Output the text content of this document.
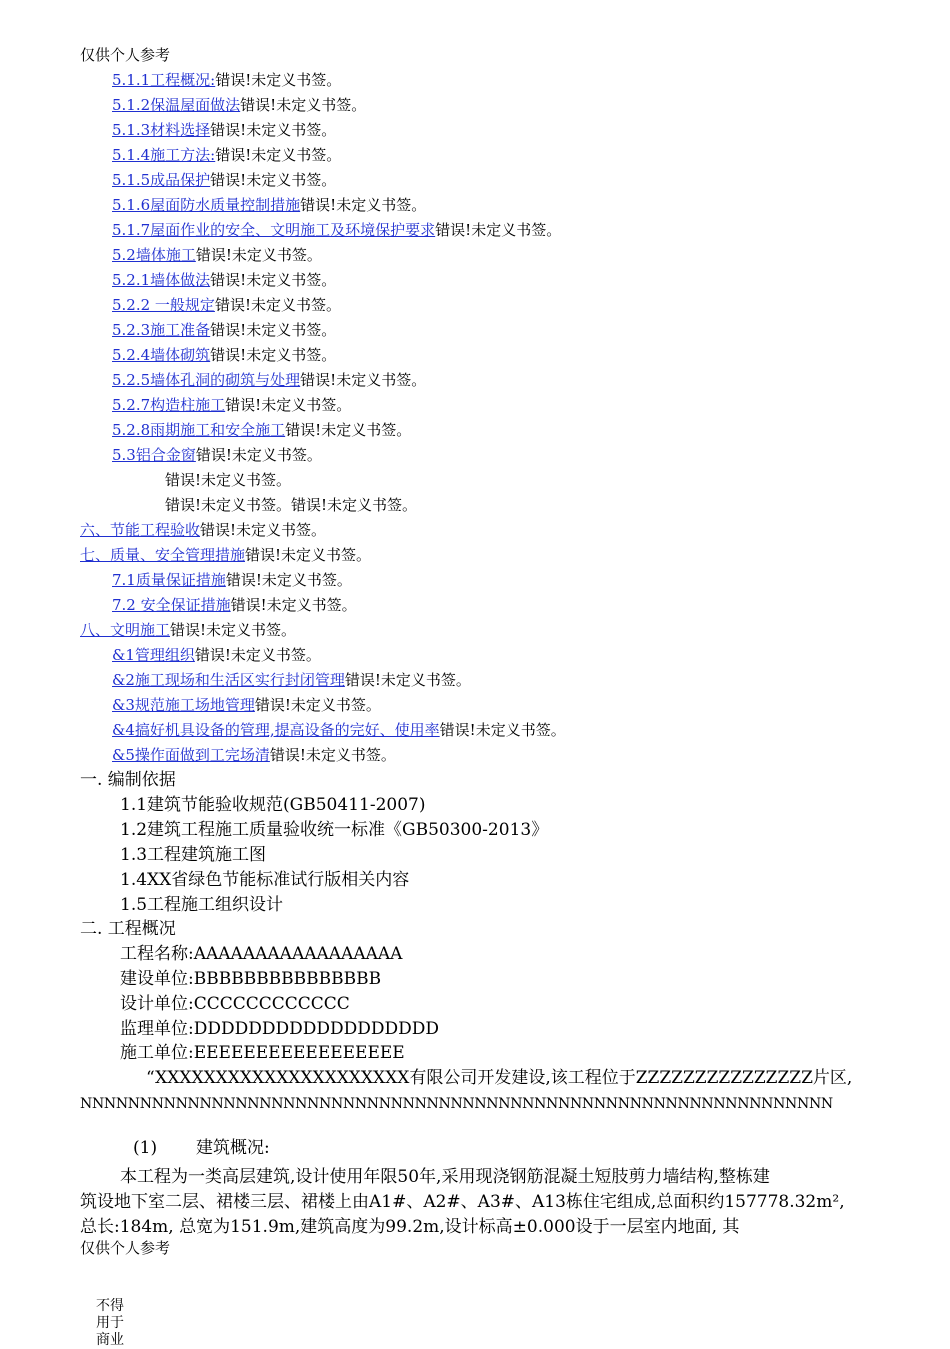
仅供个人参考
5.1.1工程概况:错误!未定义书签。
5.1.2保温屋面做法错误!未定义书签。
5.1.3材料选择错误!未定义书签。
5.1.4施工方法:错误!未定义书签。
5.1.5成品保护错误!未定义书签。
5.1.6屋面防水质量控制措施错误!未定义书签。
5.1.7屋面作业的安全、文明施工及环境保护要求错误!未定义书签。
5.2墙体施工错误!未定义书签。
5.2.1墙体做法错误!未定义书签。
5.2.2 一般规定错误!未定义书签。
5.2.3施工准备错误!未定义书签。
5.2.4墙体砌筑错误!未定义书签。
5.2.5墙体孔洞的砌筑与处理错误!未定义书签。
5.2.7构造柱施工错误!未定义书签。
5.2.8雨期施工和安全施工错误!未定义书签。
5.3铝合金窗错误!未定义书签。
错误!未定义书签。
错误!未定义书签。错误!未定义书签。
六、节能工程验收错误!未定义书签。
七、质量、安全管理措施错误!未定义书签。
7.1质量保证措施错误!未定义书签。
7.2 安全保证措施错误!未定义书签。
八、文明施工错误!未定义书签。
&1管理组织错误!未定义书签。
&2施工现场和生活区实行封闭管理错误!未定义书签。
&3规范施工场地管理错误!未定义书签。
&4搞好机具设备的管理,提高设备的完好、使用率错误!未定义书签。
&5操作面做到工完场清错误!未定义书签。
一. 编制依据
1.1建筑节能验收规范(GB50411-2007)
1.2建筑工程施工质量验收统一标准《GB50300-2013》
1.3工程建筑施工图
1.4XX省绿色节能标准试行版相关内容
1.5工程施工组织设计
二. 工程概况
工程名称:AAAAAAAAAAAAAAAAA
建设单位:BBBBBBBBBBBBBBB
设计单位:CCCCCCCCCCCC
监理单位:DDDDDDDDDDDDDDDDDD
施工单位:EEEEEEEEEEEEEEEEE
“XXXXXXXXXXXXXXXXXXXXX有限公司开发建设,该工程位于ZZZZZZZZZZZZZZZ片区,
NNNNNNNNNNNNNNNNNNNNNNNNNNNNNNNNNNNNNNNNNNNNNNNNNNNNNNNNNNNNNNN
(1) 建筑概况:
本工程为一类高层建筑,设计使用年限50年,采用现浇钢筋混凝土短肢剪力墙结构,整栋建
筑设地下室二层、裙楼三层、裙楼上由A1#、A2#、A3#、A13栋住宅组成,总面积约157778.32m²,
总长:184m, 总宽为151.9m,建筑高度为99.2m,设计标高±0.000设于一层室内地面, 其
仅供个人参考
不得
用于
商业
